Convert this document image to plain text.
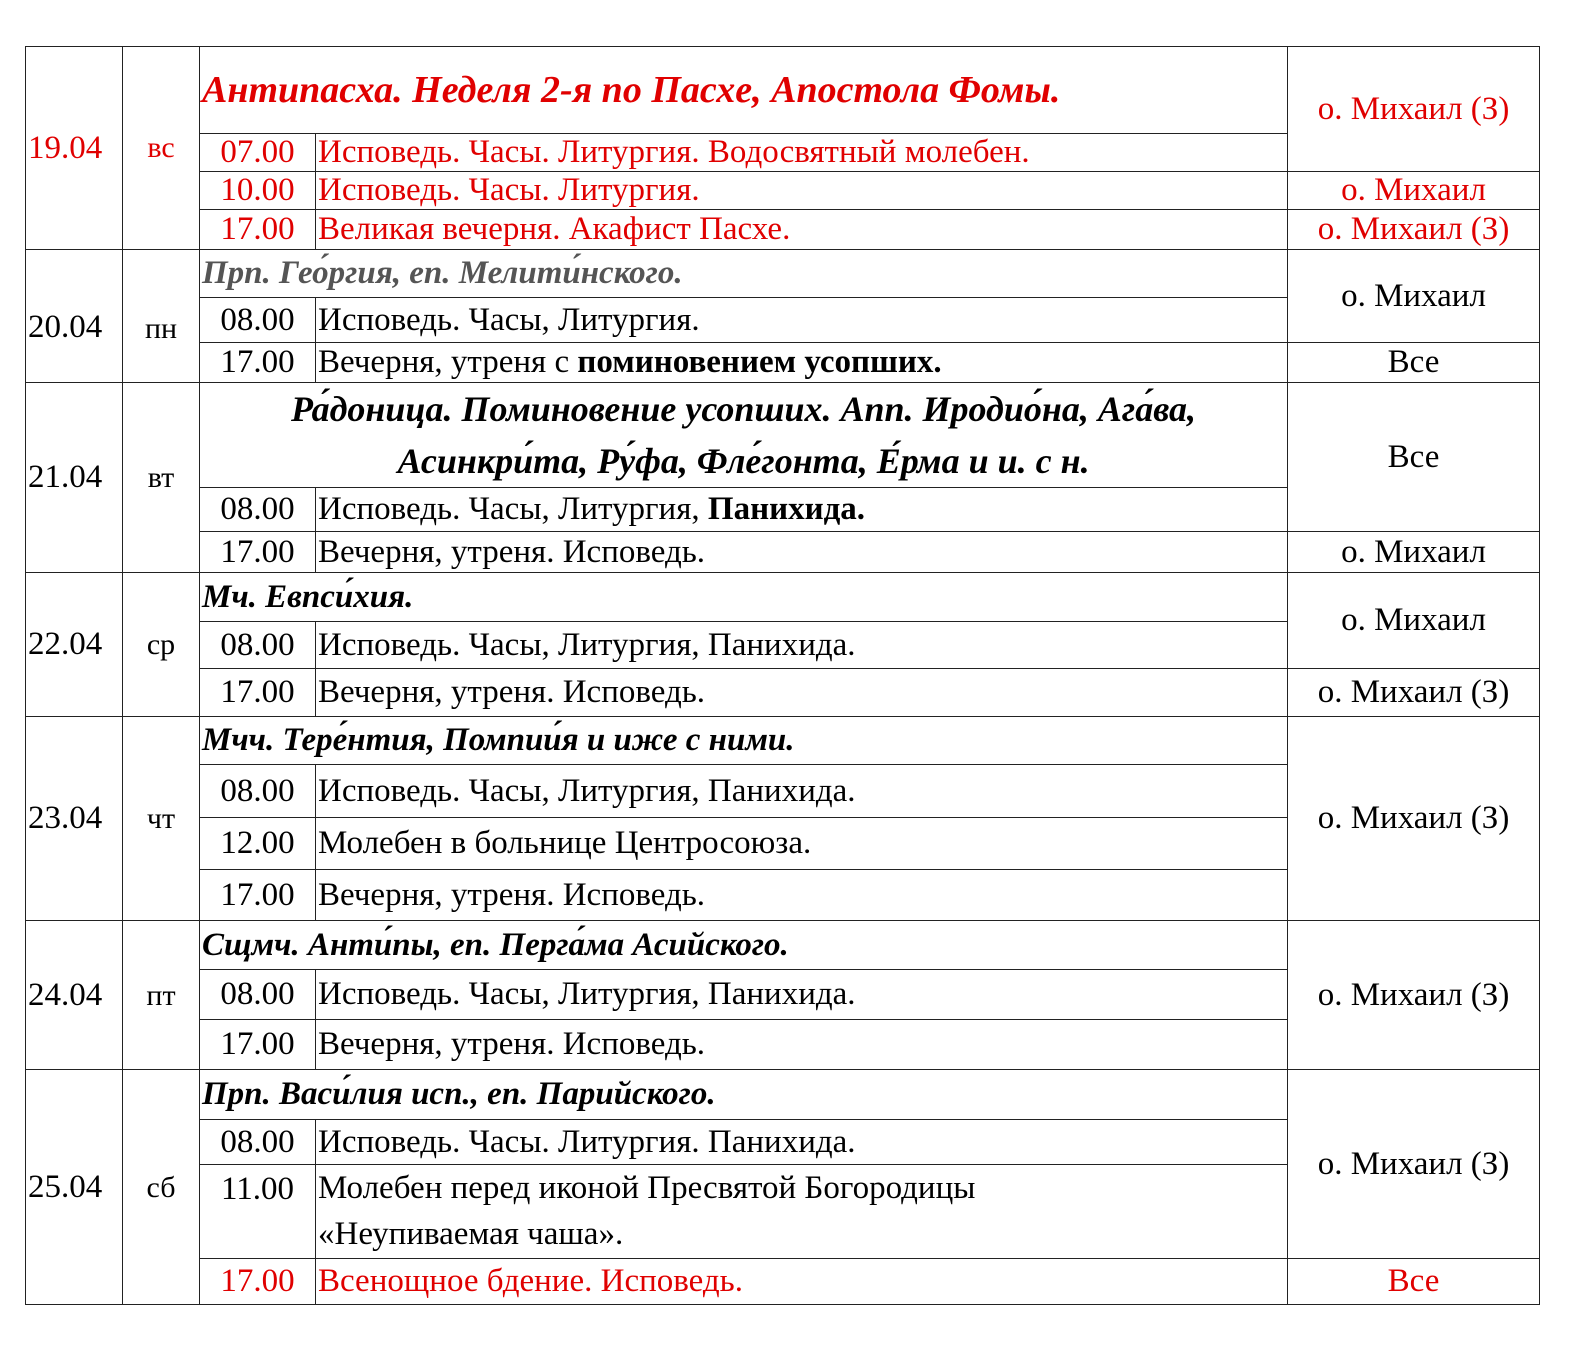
19.04	вс	Антипасха. Неделя 2-я по Пасхе, Апостола Фомы.		о. Михаил (З)
		07.00	Исповедь. Часы. Литургия. Водосвятный молебен.	
		10.00	Исповедь. Часы. Литургия.	о. Михаил
		17.00	Великая вечерня. Акафист Пасхе.	о. Михаил (З)
20.04	пн	Прп. Гео́ргия, еп. Мелити́нского.		о. Михаил
		08.00	Исповедь. Часы, Литургия.	
		17.00	Вечерня, утреня с поминовением усопших.	Все
21.04	вт	Ра́доница. Поминовение усопших. Апп. Иродио́на, Ага́ва, Асинкри́та, Ру́фа, Фле́гонта, Е́рма и и. с н.		Все
		08.00	Исповедь. Часы, Литургия, Панихида.	
		17.00	Вечерня, утреня. Исповедь.	о. Михаил
22.04	ср	Мч. Евпси́хия.		о. Михаил
		08.00	Исповедь. Часы, Литургия, Панихида.	
		17.00	Вечерня, утреня. Исповедь.	о. Михаил (З)
23.04	чт	Мчч. Тере́нтия, Помпии́я и иже с ними.		о. Михаил (З)
		08.00	Исповедь. Часы, Литургия, Панихида.	
		12.00	Молебен в больнице Центросоюза.	
		17.00	Вечерня, утреня. Исповедь.	
24.04	пт	Сщмч. Анти́пы, еп. Перга́ма Асийского.		о. Михаил (З)
		08.00	Исповедь. Часы, Литургия, Панихида.	
		17.00	Вечерня, утреня. Исповедь.	
25.04	сб	Прп. Васи́лия исп., еп. Парийского.		о. Михаил (З)
		08.00	Исповедь. Часы. Литургия. Панихида.	
		11.00	Молебен перед иконой Пресвятой Богородицы
«Неупиваемая чаша».	

		17.00	Всенощное бдение. Исповедь.	Все
